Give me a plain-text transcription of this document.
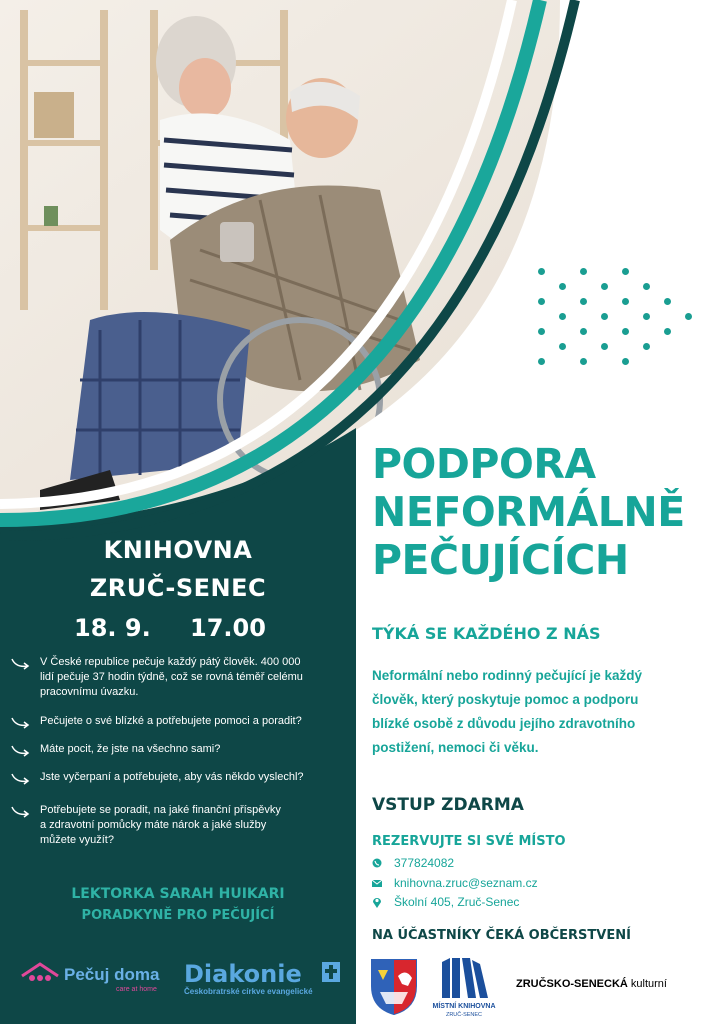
KNIHOVNA
ZRUČ-SENEC
18. 9. 17.00
V České republice pečuje každý pátý člověk. 400 000
lidí pečuje 37 hodin týdně, což se rovná téměř celému
pracovnímu úvazku.
Pečujete o své blízké a potřebujete pomoci a poradit?
Máte pocit, že jste na všechno sami?
Jste vyčerpaní a potřebujete, aby vás někdo vyslechl?
Potřebujete se poradit, na jaké finanční příspěvky
a zdravotní pomůcky máte nárok a jaké služby
můžete využít?
LEKTORKA SARAH HUIKARI
PORADKYNĚ PRO PEČUJÍCÍ
Pečuj doma
care at home
Diakonie
Českobratrské církve evangelické
PODPORA
NEFORMÁLNĚ
PEČUJÍCÍCH
TÝKÁ SE KAŽDÉHO Z NÁS
Neformální nebo rodinný pečující je každý
člověk, který poskytuje pomoc a podporu
blízké osobě z důvodu jejího zdravotního
postižení, nemoci či věku.
VSTUP ZDARMA
REZERVUJTE SI SVÉ MÍSTO
377824082
knihovna.zruc@seznam.cz
Školní 405, Zruč-Senec
NA ÚČASTNÍKY ČEKÁ OBČERSTVENÍ
MÍSTNÍ KNIHOVNA
ZRUČ-SENEC
ZRUČSKO-SENECKÁ kulturní
